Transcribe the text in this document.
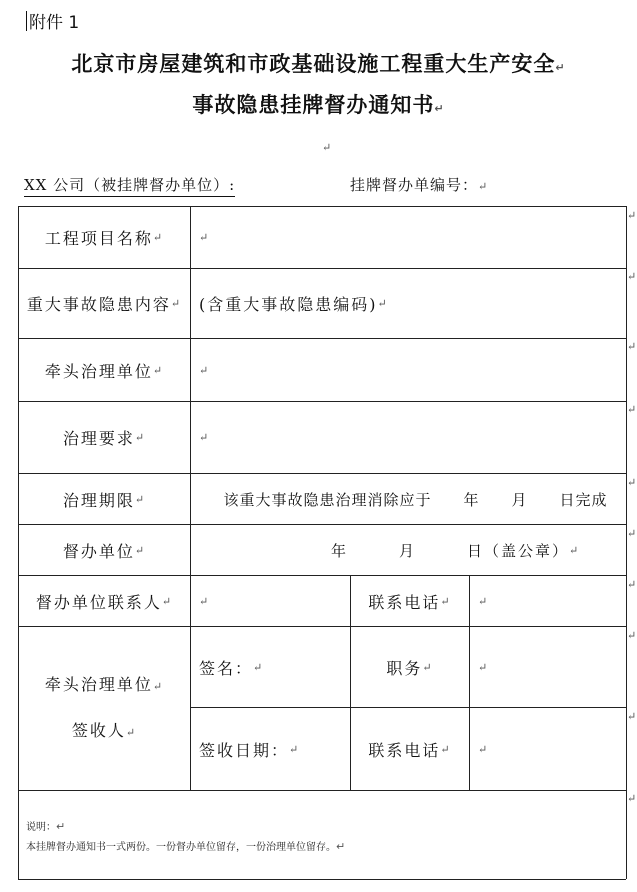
附件 1
北京市房屋建筑和市政基础设施工程重大生产安全↵
事故隐患挂牌督办通知书↵
↵
XX 公司（被挂牌督办单位）:	挂牌督办单编号：↵
工程项目名称 ↵	↵
重大事故隐患内容 ↵ (含重大事故隐患编码) ↵
牵头治理单位 ↵	↵
治理要求 ↵	↵
治理期限 ↵	该重大事故隐患治理消除应于　　年　　月　　日完成
督办单位 ↵	年　　　月　　　日（盖公章） ↵
督办单位联系人 ↵ ↵	联系电话 ↵ ↵
牵头治理单位↵
签收人↵
签名： ↵	职务 ↵	↵
签收日期： ↵	联系电话 ↵ ↵
说明：↵
本挂牌督办通知书一式两份。一份督办单位留存，一份治理单位留存。↵
↵
↵
↵
↵
↵
↵
↵
↵
↵
↵
